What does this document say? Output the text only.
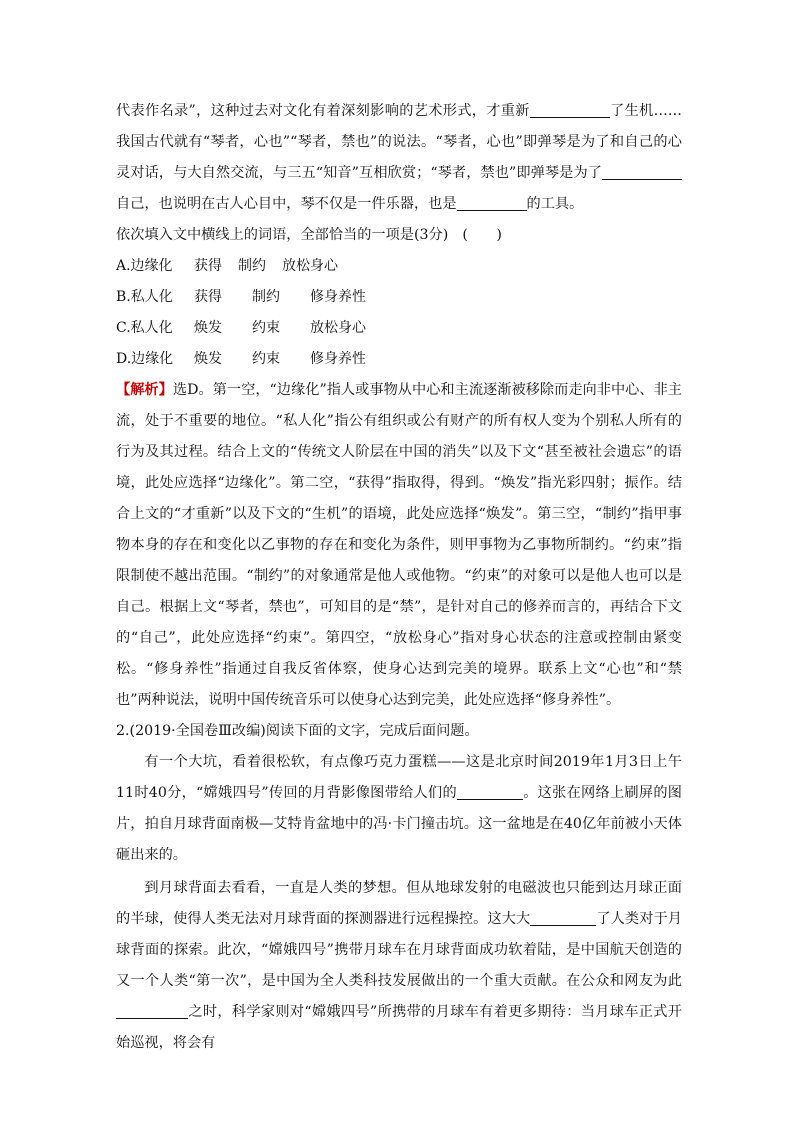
代表作名录”，这种过去对文化有着深刻影响的艺术形式，才重新	了生机……我国古代就有“琴者，心也”“琴者，禁也”的说法。“琴者，心也”即弹琴是为了和自己的心灵对话，与大自然交流，与三五“知音”互相欣赏；“琴者，禁也”即弹琴是为了自己，也说明在古人心目中，琴不仅是一件乐器，也是	的工具。

依次填入文中横线上的词语，全部恰当的一项是(3分)　(　　)

A.边缘化	获得	制约	放松身心
B.私人化	获得	制约	修身养性
C.私人化	焕发	约束	放松身心
D.边缘化	焕发	约束	修身养性

【解析】选D。第一空，“边缘化”指人或事物从中心和主流逐渐被移除而走向非中心、非主流，处于不重要的地位。“私人化”指公有组织或公有财产的所有权人变为个别私人所有的行为及其过程。结合上文的“传统文人阶层在中国的消失”以及下文“甚至被社会遗忘”的语境，此处应选择“边缘化”。第二空，“获得”指取得，得到。“焕发”指光彩四射；振作。结合上文的“才重新”以及下文的“生机”的语境，此处应选择“焕发”。第三空，“制约”指甲事物本身的存在和变化以乙事物的存在和变化为条件，则甲事物为乙事物所制约。“约束”指限制使不越出范围。“制约”的对象通常是他人或他物。“约束”的对象可以是他人也可以是自己。根据上文“琴者，禁也”，可知目的是“禁”，是针对自己的修养而言的，再结合下文的“自己”，此处应选择“约束”。第四空，“放松身心”指对身心状态的注意或控制由紧变松。“修身养性”指通过自我反省体察，使身心达到完美的境界。联系上文“心也”和“禁也”两种说法，说明中国传统音乐可以使身心达到完美，此处应选择“修身养性”。

2.(2019·全国卷Ⅲ改编)阅读下面的文字，完成后面问题。

有一个大坑，看着很松软，有点像巧克力蛋糕——这是北京时间2019年1月3日上午11时40分，“嫦娥四号”传回的月背影像图带给人们的	。这张在网络上刷屏的图片，拍自月球背面南极—艾特肯盆地中的冯·卡门撞击坑。这一盆地是在40亿年前被小天体砸出来的。

到月球背面去看看，一直是人类的梦想。但从地球发射的电磁波也只能到达月球正面的半球，使得人类无法对月球背面的探测器进行远程操控。这大大	了人类对于月球背面的探索。此次，“嫦娥四号”携带月球车在月球背面成功软着陆，是中国航天创造的又一个人类“第一次”，是中国为全人类科技发展做出的一个重大贡献。在公众和网友为此之时，科学家则对“嫦娥四号”所携带的月球车有着更多期待：当月球车正式开始巡视，将会有
